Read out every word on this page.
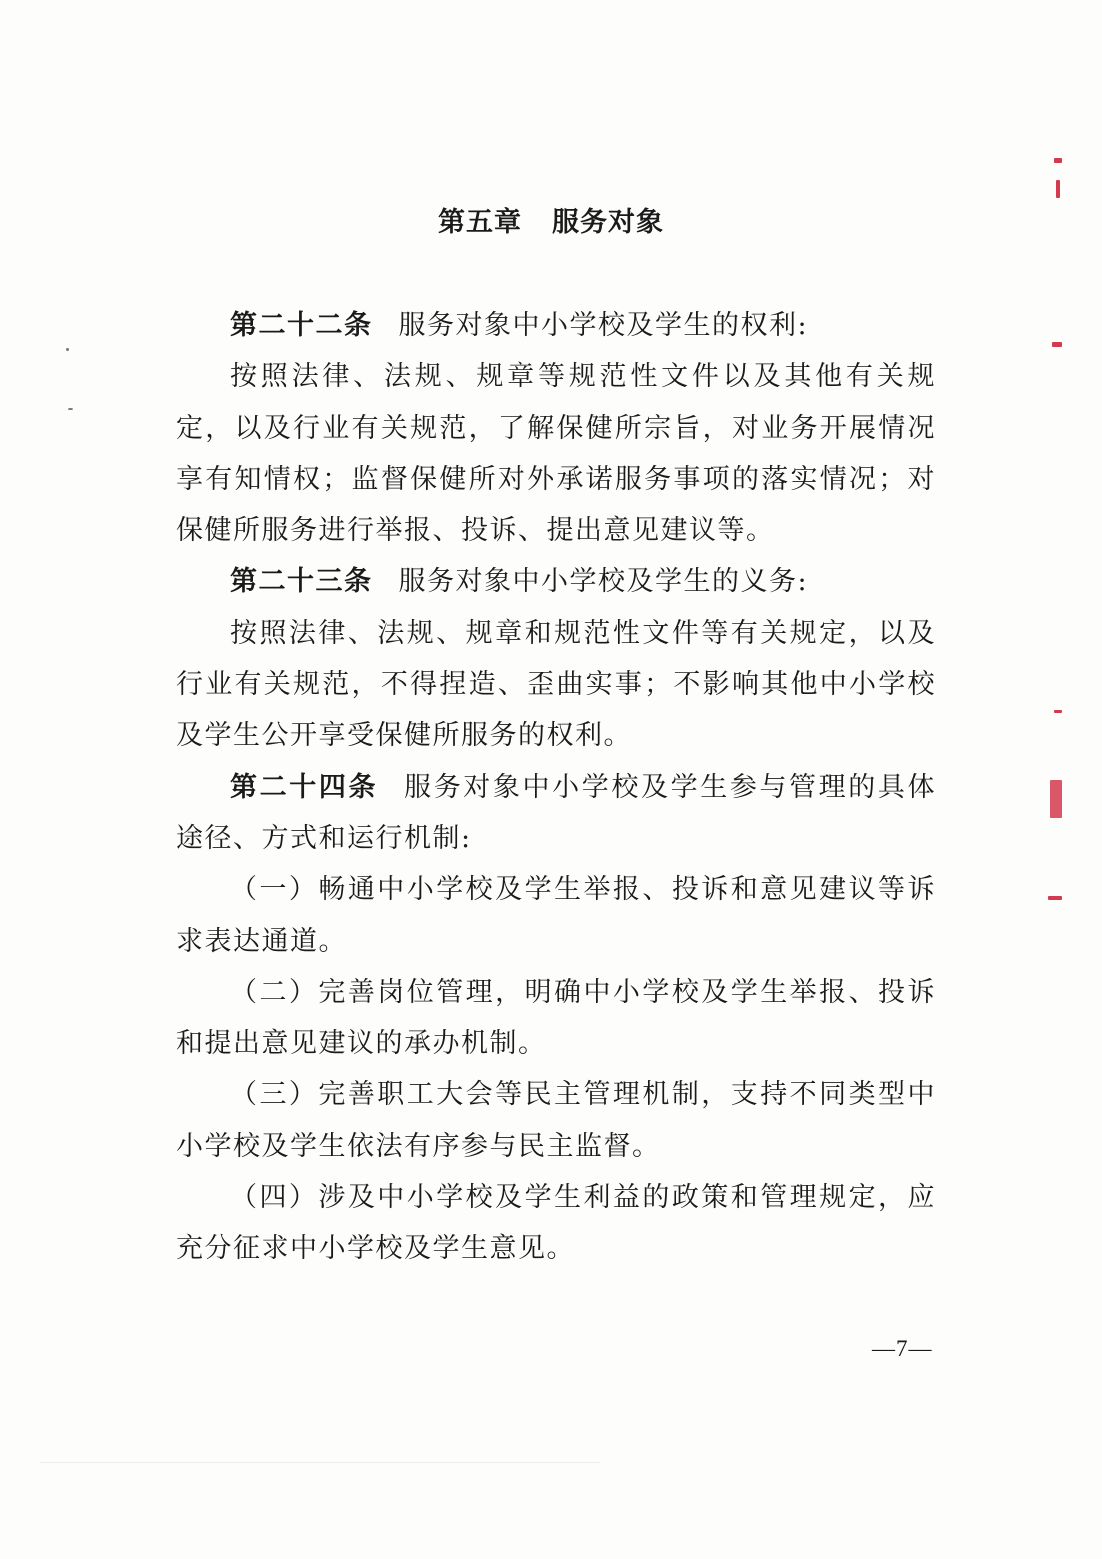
第五章 服务对象

第二十二条 服务对象中小学校及学生的权利:

按照法律、法规、规章等规范性文件以及其他有关规定，以及行业有关规范，了解保健所宗旨，对业务开展情况享有知情权；监督保健所对外承诺服务事项的落实情况；对保健所服务进行举报、投诉、提出意见建议等。

第二十三条 服务对象中小学校及学生的义务:

按照法律、法规、规章和规范性文件等有关规定，以及行业有关规范，不得捏造、歪曲实事；不影响其他中小学校及学生公开享受保健所服务的权利。

第二十四条 服务对象中小学校及学生参与管理的具体途径、方式和运行机制:

（一）畅通中小学校及学生举报、投诉和意见建议等诉求表达通道。

（二）完善岗位管理，明确中小学校及学生举报、投诉和提出意见建议的承办机制。

（三）完善职工大会等民主管理机制，支持不同类型中小学校及学生依法有序参与民主监督。

（四）涉及中小学校及学生利益的政策和管理规定，应充分征求中小学校及学生意见。

—7—
